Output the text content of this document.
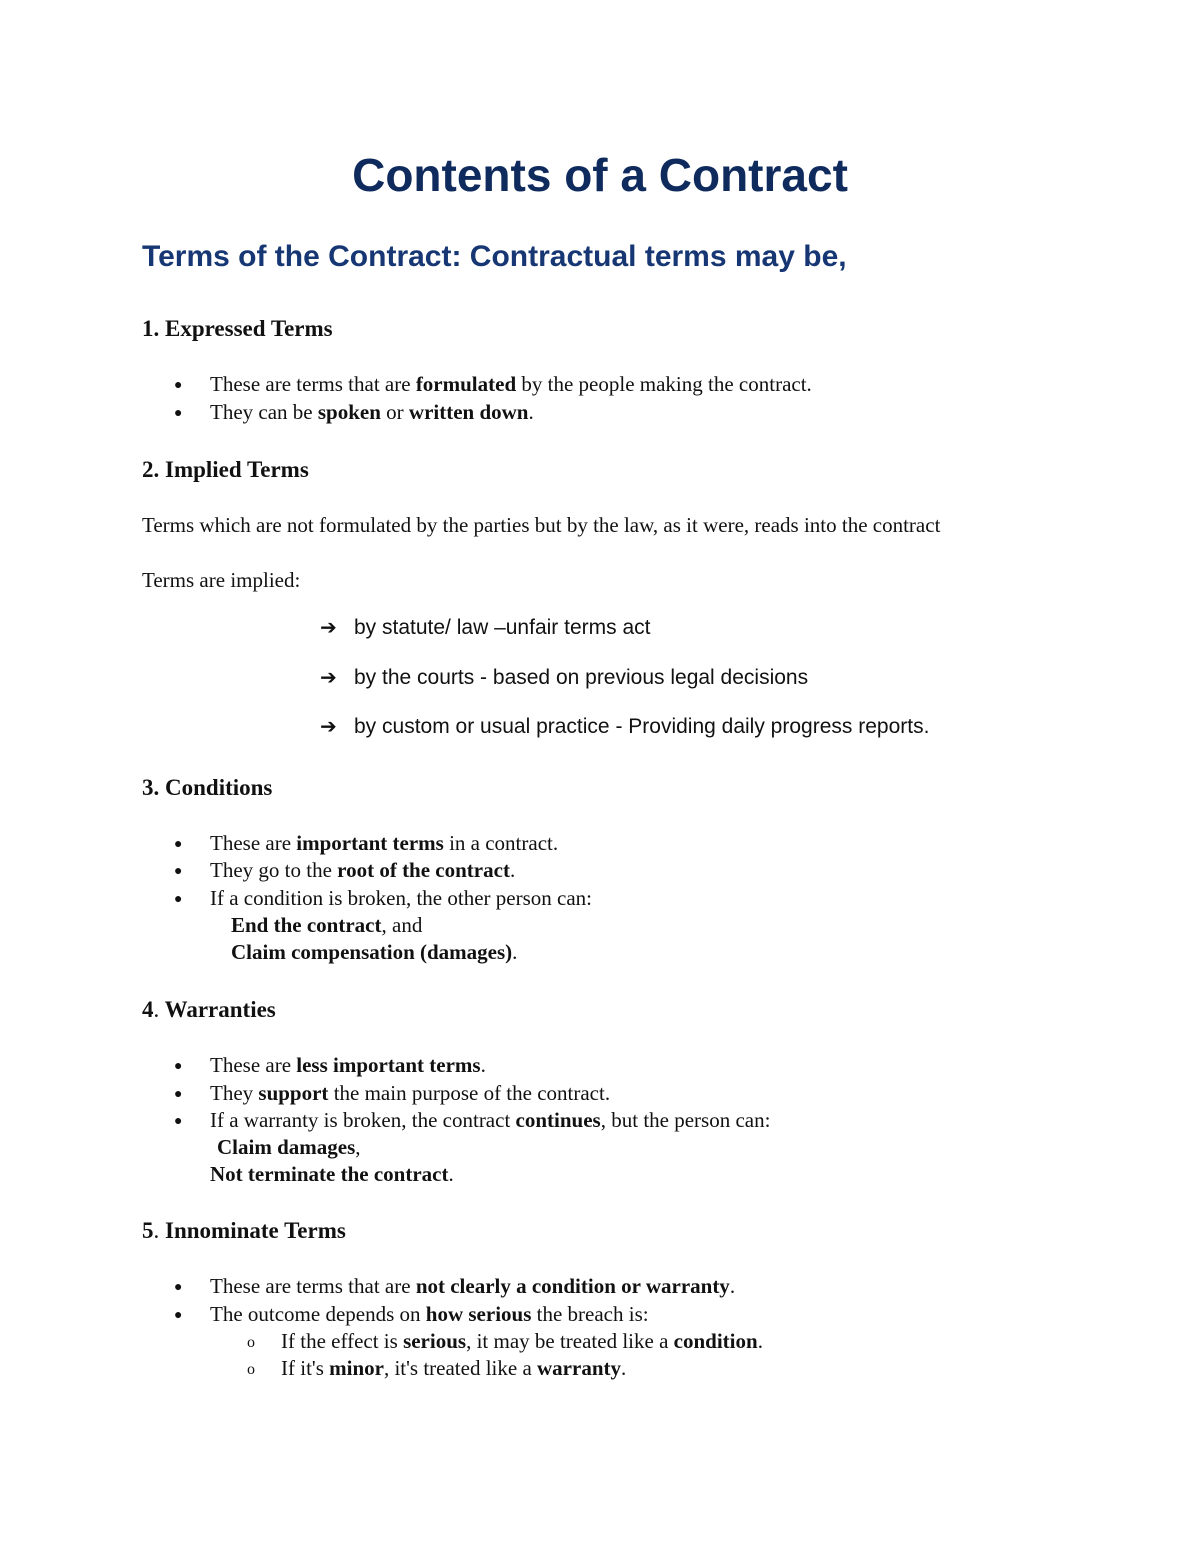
Contents of a Contract
Terms of the Contract: Contractual terms may be,
1. Expressed Terms
● These are terms that are formulated by the people making the contract.
● They can be spoken or written down.
2. Implied Terms
Terms which are not formulated by the parties but by the law, as it were, reads into the contract
Terms are implied:
➔ by statute/ law –unfair terms act
➔ by the courts - based on previous legal decisions
➔ by custom or usual practice - Providing daily progress reports.
3. Conditions
● These are important terms in a contract.
● They go to the root of the contract.
● If a condition is broken, the other person can:
End the contract, and
Claim compensation (damages).
4. Warranties
● These are less important terms.
● They support the main purpose of the contract.
● If a warranty is broken, the contract continues, but the person can:
Claim damages,
Not terminate the contract.
5. Innominate Terms
● These are terms that are not clearly a condition or warranty.
● The outcome depends on how serious the breach is:
o If the effect is serious, it may be treated like a condition.
o If it's minor, it's treated like a warranty.
